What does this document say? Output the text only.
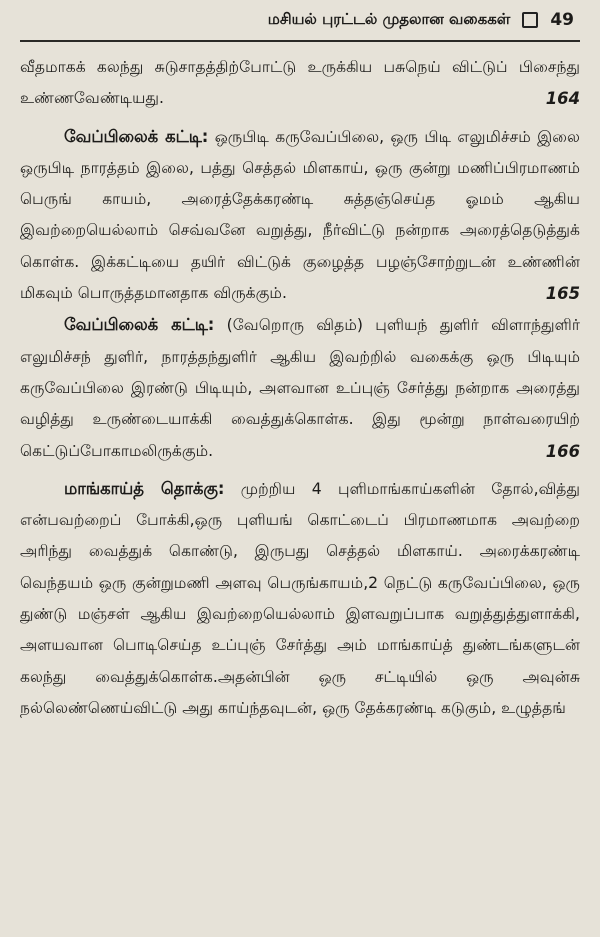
மசியல் புரட்டல் முதலான வகைகள் 49
வீதமாகக் கலந்து சுடுசாதத்திற்போட்டு உருக்கிய பசுநெய் விட்டுப் பிசைந்து உண்ணவேண்டியது.	164
வேப்பிலைக் கட்டி: ஒருபிடி கருவேப்பிலை, ஒரு பிடி எலுமிச்சம் இலை ஒருபிடி நாரத்தம் இலை, பத்து செத்தல் மிளகாய், ஒரு குன்று மணிப்பிரமாணம் பெருங் காயம், அரைத்தேக்கரண்டி சுத்தஞ்செய்த ஓமம் ஆகிய இவற்றையெல்லாம் செவ்வனே வறுத்து, நீர்விட்டு நன்றாக அரைத்தெடுத்துக் கொள்க. இக்கட்டியை தயிர் விட்டுக் குழைத்த பழஞ்சோற்றுடன் உண்ணின் மிகவும் பொருத்தமானதாக விருக்கும்.	165
வேப்பிலைக் கட்டி: (வேறொரு விதம்) புளியந் துளிர் விளாந்துளிர் எலுமிச்சந் துளிர், நாரத்தந்துளிர் ஆகிய இவற்றில் வகைக்கு ஒரு பிடியும் கருவேப்பிலை இரண்டு பிடியும், அளவான உப்புஞ் சேர்த்து நன்றாக அரைத்து வழித்து உருண்டையாக்கி வைத்துக்கொள்க. இது மூன்று நாள்வரையிற் கெட்டுப்போகாமலிருக்கும்.	166
மாங்காய்த் தொக்கு: முற்றிய 4 புளிமாங்காய்களின் தோல்,வித்து என்பவற்றைப் போக்கி,ஒரு புளியங் கொட்டைப் பிரமாணமாக அவற்றை அரிந்து வைத்துக் கொண்டு, இருபது செத்தல் மிளகாய். அரைக்கரண்டி வெந்தயம் ஒரு குன்றுமணி அளவு பெருங்காயம்,2 நெட்டு கருவேப்பிலை, ஒரு துண்டு மஞ்சள் ஆகிய இவற்றையெல்லாம் இளவறுப்பாக வறுத்துத்துளாக்கி, அளயவான பொடிசெய்த உப்புஞ் சேர்த்து அம் மாங்காய்த் துண்டங்களுடன் கலந்து வைத்துக்கொள்க.அதன்பின் ஒரு சட்டியில் ஒரு அவுன்சு நல்லெண்ணெய்விட்டு அது காய்ந்தவுடன், ஒரு தேக்கரண்டி கடுகும், உழுத்தங்
